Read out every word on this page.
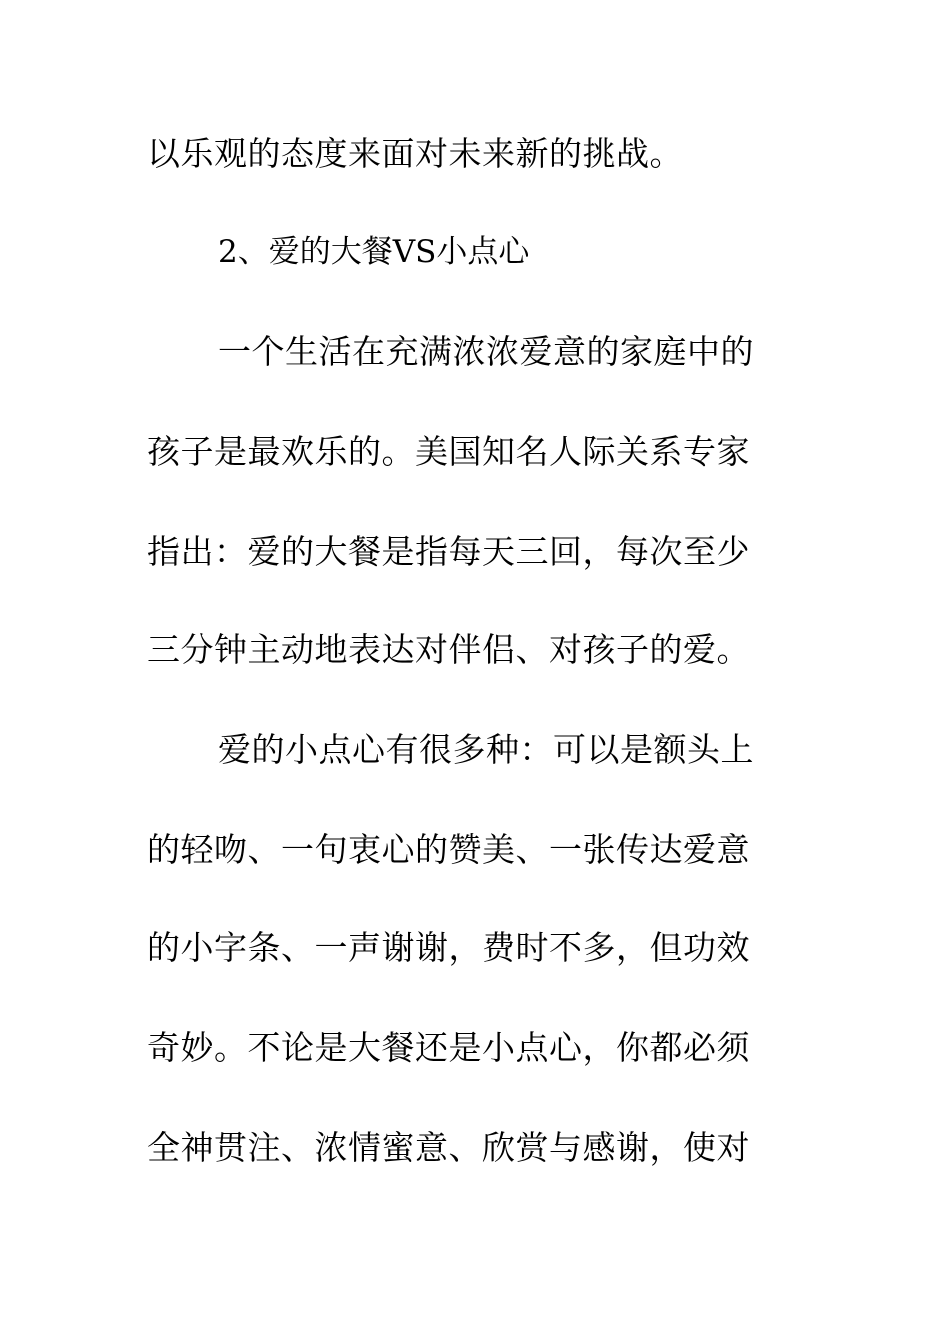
以乐观的态度来面对未来新的挑战。
2、爱的大餐VS小点心
一个生活在充满浓浓爱意的家庭中的
孩子是最欢乐的。美国知名人际关系专家
指出：爱的大餐是指每天三回，每次至少
三分钟主动地表达对伴侣、对孩子的爱。
爱的小点心有很多种：可以是额头上
的轻吻、一句衷心的赞美、一张传达爱意
的小字条、一声谢谢，费时不多，但功效
奇妙。不论是大餐还是小点心，你都必须
全神贯注、浓情蜜意、欣赏与感谢，使对
